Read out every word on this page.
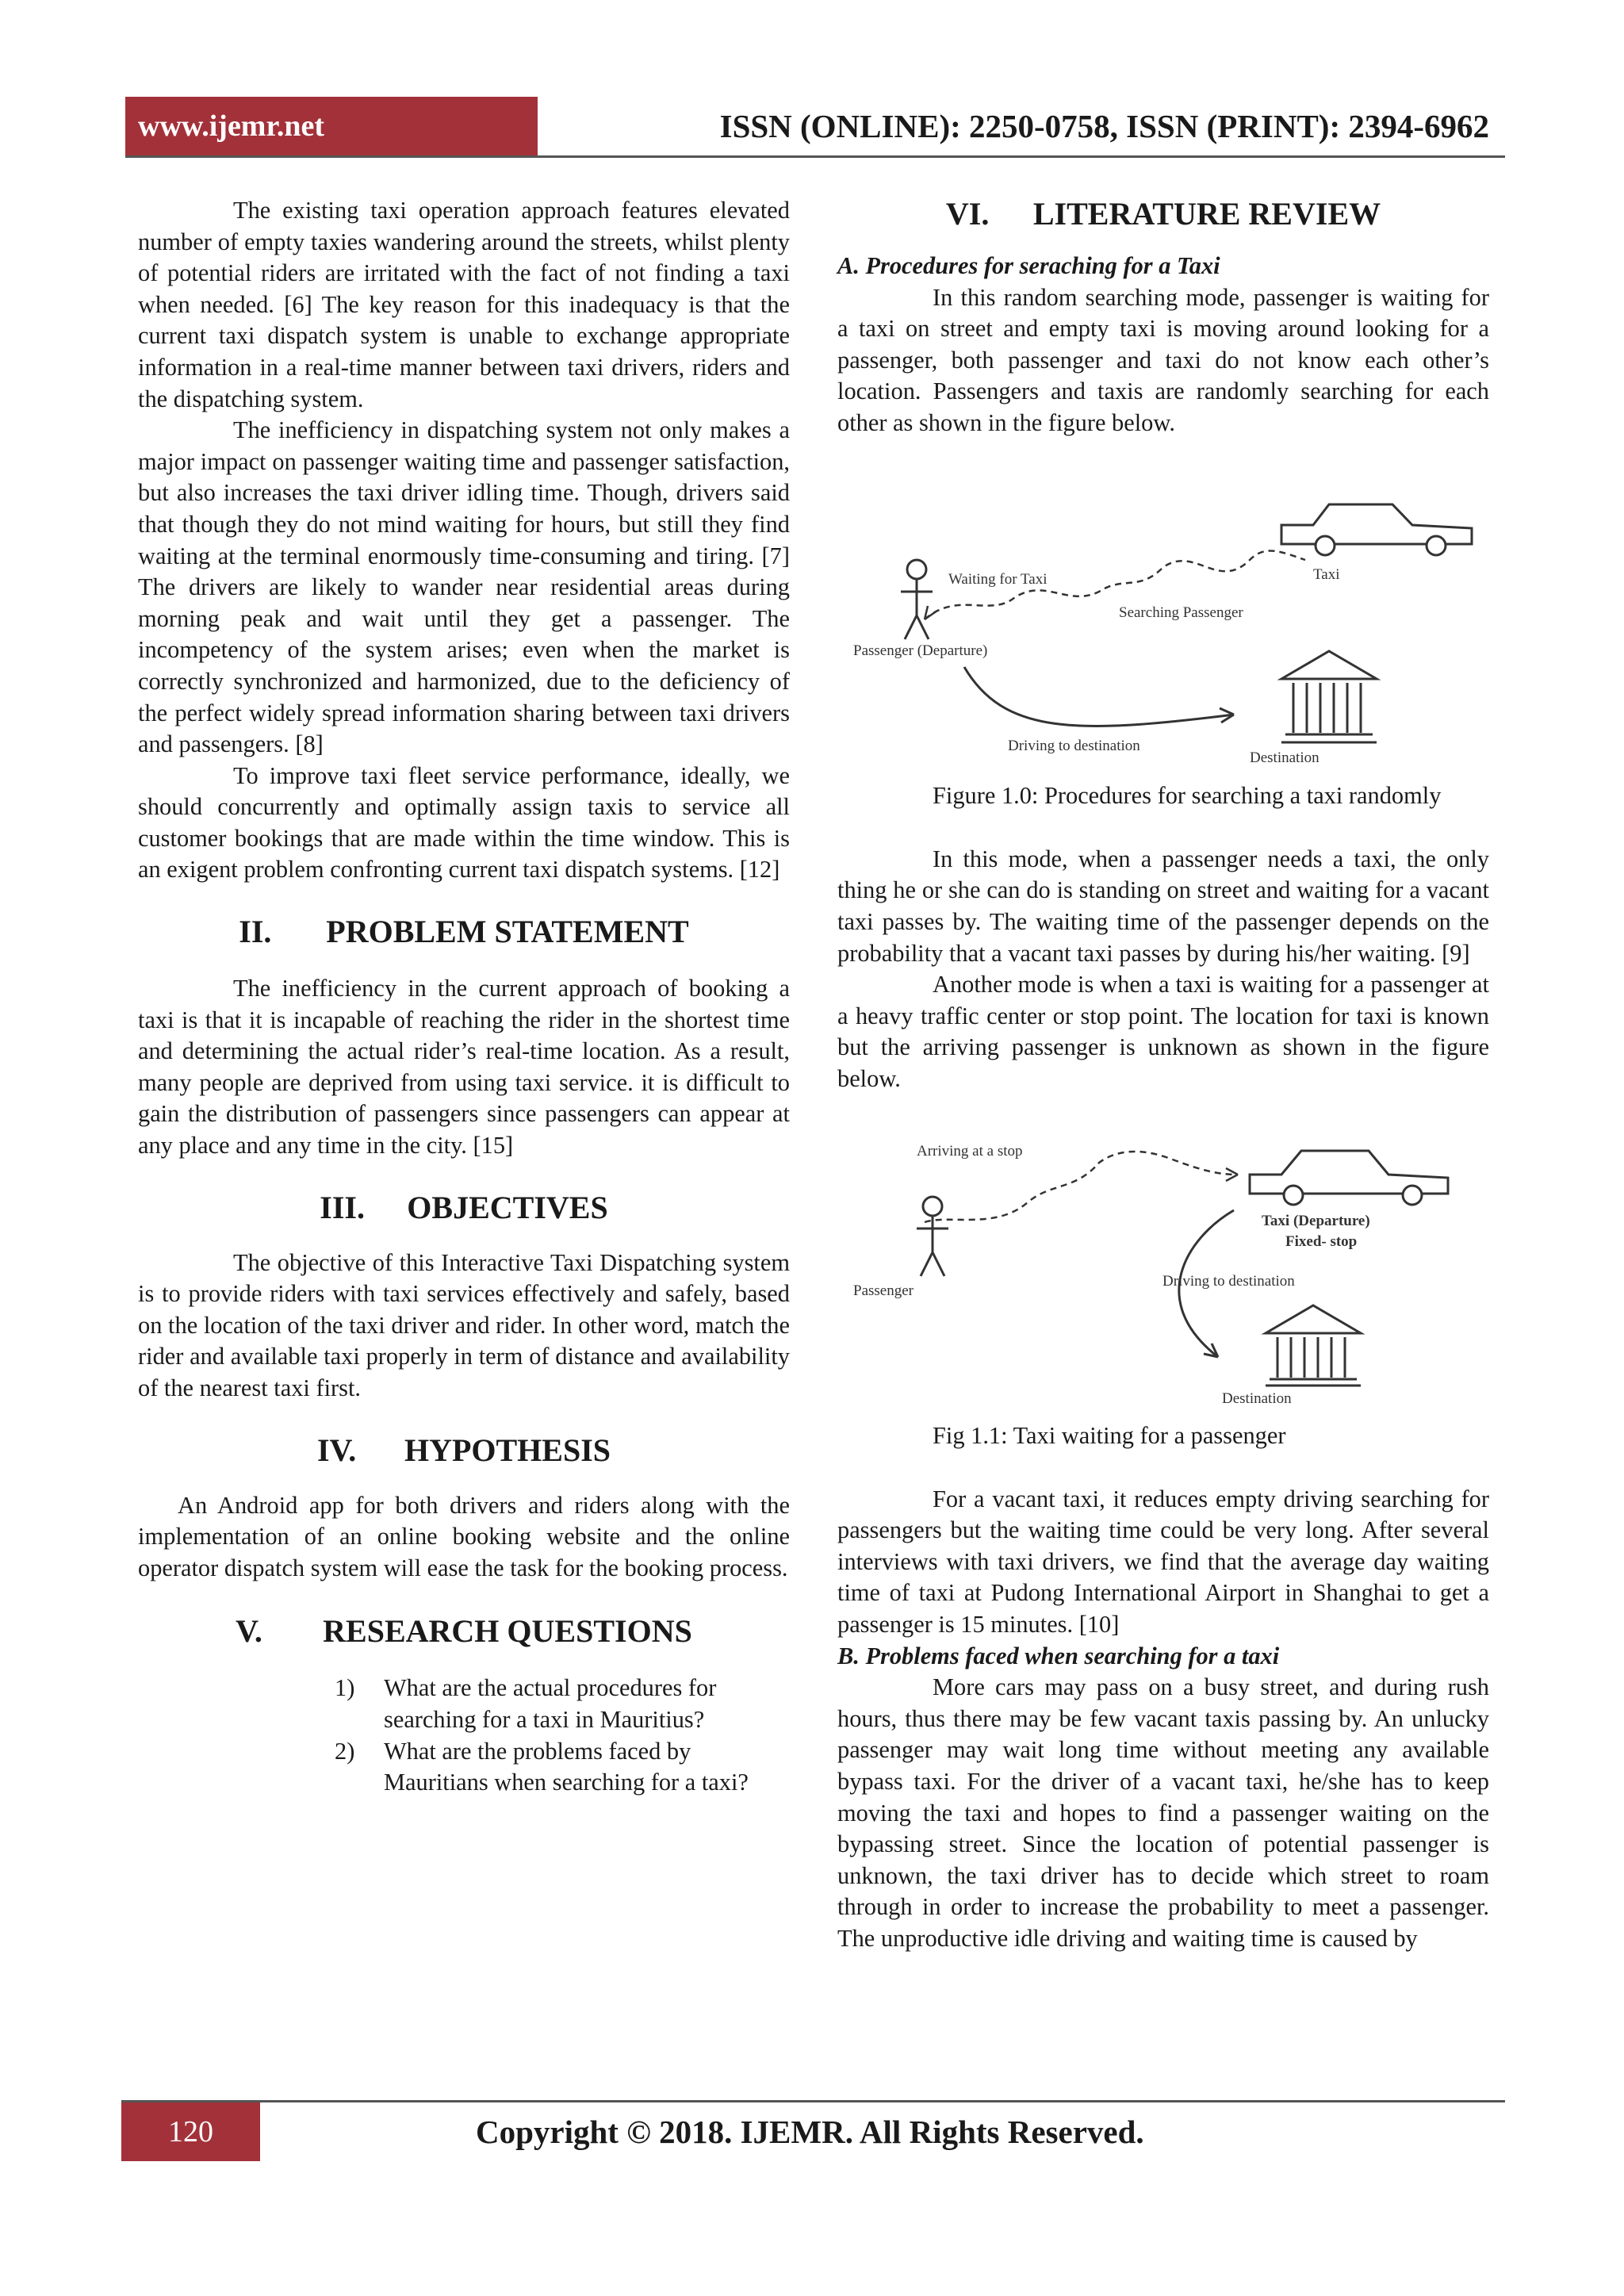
www.ijemr.net	ISSN (ONLINE): 2250-0758, ISSN (PRINT): 2394-6962

The existing taxi operation approach features elevated number of empty taxies wandering around the streets, whilst plenty of potential riders are irritated with the fact of not finding a taxi when needed. [6] The key reason for this inadequacy is that the current taxi dispatch system is unable to exchange appropriate information in a real-time manner between taxi drivers, riders and the dispatching system.

The inefficiency in dispatching system not only makes a major impact on passenger waiting time and passenger satisfaction, but also increases the taxi driver idling time. Though, drivers said that though they do not mind waiting for hours, but still they find waiting at the terminal enormously time-consuming and tiring. [7] The drivers are likely to wander near residential areas during morning peak and wait until they get a passenger. The incompetency of the system arises; even when the market is correctly synchronized and harmonized, due to the deficiency of the perfect widely spread information sharing between taxi drivers and passengers. [8]

To improve taxi fleet service performance, ideally, we should concurrently and optimally assign taxis to service all customer bookings that are made within the time window. This is an exigent problem confronting current taxi dispatch systems. [12]

II.	PROBLEM STATEMENT

The inefficiency in the current approach of booking a taxi is that it is incapable of reaching the rider in the shortest time and determining the actual rider’s real-time location. As a result, many people are deprived from using taxi service. it is difficult to gain the distribution of passengers since passengers can appear at any place and any time in the city. [15]

III.	OBJECTIVES

The objective of this Interactive Taxi Dispatching system is to provide riders with taxi services effectively and safely, based on the location of the taxi driver and rider. In other word, match the rider and available taxi properly in term of distance and availability of the nearest taxi first.

IV.	HYPOTHESIS

An Android app for both drivers and riders along with the implementation of an online booking website and the online operator dispatch system will ease the task for the booking process.

V.	RESEARCH QUESTIONS
1) What are the actual procedures for searching for a taxi in Mauritius?
2) What are the problems faced by Mauritians when searching for a taxi?
VI.	LITERATURE REVIEW
A. Procedures for seraching for a Taxi

In this random searching mode, passenger is waiting for a taxi on street and empty taxi is moving around looking for a passenger, both passenger and taxi do not know each other’s location. Passengers and taxis are randomly searching for each other as shown in the figure below.

Taxi
Waiting for Taxi
Searching Passenger
Passenger (Departure)
Driving to destination
Destination

Figure 1.0: Procedures for searching a taxi randomly

In this mode, when a passenger needs a taxi, the only thing he or she can do is standing on street and waiting for a vacant taxi passes by. The waiting time of the passenger depends on the probability that a vacant taxi passes by during his/her waiting. [9]

Another mode is when a taxi is waiting for a passenger at a heavy traffic center or stop point. The location for taxi is known but the arriving passenger is unknown as shown in the figure below.

Arriving at a stop
Taxi (Departure)
Fixed- stop
Passenger
Driving to destination
Destination

Fig 1.1: Taxi waiting for a passenger

For a vacant taxi, it reduces empty driving searching for passengers but the waiting time could be very long. After several interviews with taxi drivers, we find that the average day waiting time of taxi at Pudong International Airport in Shanghai to get a passenger is 15 minutes. [10]

B. Problems faced when searching for a taxi

More cars may pass on a busy street, and during rush hours, thus there may be few vacant taxis passing by. An unlucky passenger may wait long time without meeting any available bypass taxi. For the driver of a vacant taxi, he/she has to keep moving the taxi and hopes to find a passenger waiting on the bypassing street. Since the location of potential passenger is unknown, the taxi driver has to decide which street to roam through in order to increase the probability to meet a passenger. The unproductive idle driving and waiting time is caused by

120	Copyright © 2018. IJEMR. All Rights Reserved.
